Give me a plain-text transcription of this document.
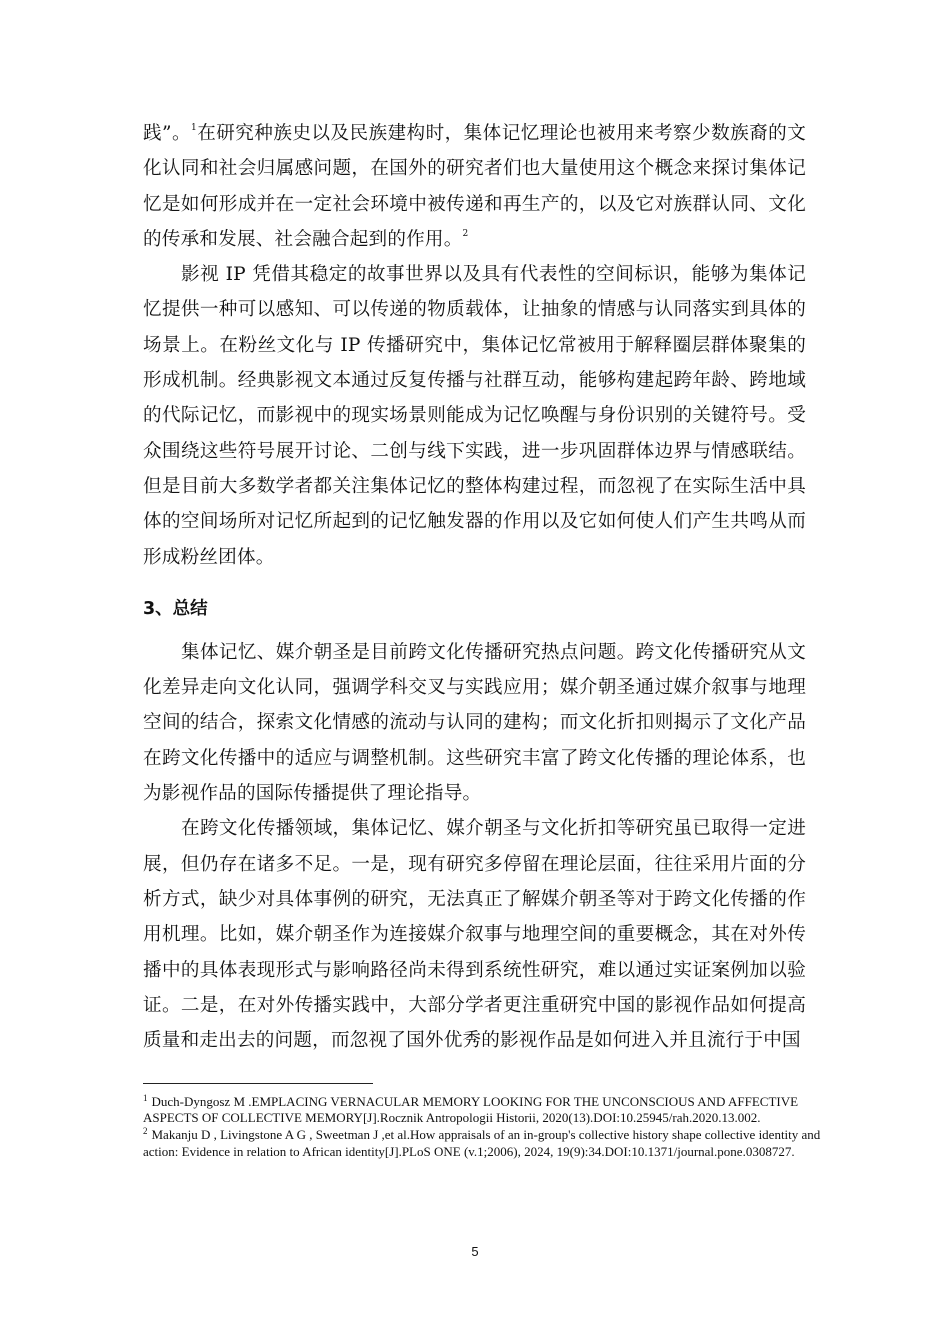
践”。$^1$在研究种族史以及民族建构时，集体记忆理论也被用来考察少数族裔的文化认同和社会归属感问题，在国外的研究者们也大量使用这个概念来探讨集体记忆是如何形成并在一定社会环境中被传递和再生产的，以及它对族群认同、文化的传承和发展、社会融合起到的作用。$^2$

影视 IP 凭借其稳定的故事世界以及具有代表性的空间标识，能够为集体记忆提供一种可以感知、可以传递的物质载体，让抽象的情感与认同落实到具体的场景上。在粉丝文化与 IP 传播研究中，集体记忆常被用于解释圈层群体聚集的形成机制。经典影视文本通过反复传播与社群互动，能够构建起跨年龄、跨地域的代际记忆，而影视中的现实场景则能成为记忆唤醒与身份识别的关键符号。受众围绕这些符号展开讨论、二创与线下实践，进一步巩固群体边界与情感联结。但是目前大多数学者都关注集体记忆的整体构建过程，而忽视了在实际生活中具体的空间场所对记忆所起到的记忆触发器的作用以及它如何使人们产生共鸣从而形成粉丝团体。

3、总结

集体记忆、媒介朝圣是目前跨文化传播研究热点问题。跨文化传播研究从文化差异走向文化认同，强调学科交叉与实践应用；媒介朝圣通过媒介叙事与地理空间的结合，探索文化情感的流动与认同的建构；而文化折扣则揭示了文化产品在跨文化传播中的适应与调整机制。这些研究丰富了跨文化传播的理论体系，也为影视作品的国际传播提供了理论指导。

在跨文化传播领域，集体记忆、媒介朝圣与文化折扣等研究虽已取得一定进展，但仍存在诸多不足。一是，现有研究多停留在理论层面，往往采用片面的分析方式，缺少对具体事例的研究，无法真正了解媒介朝圣等对于跨文化传播的作用机理。比如，媒介朝圣作为连接媒介叙事与地理空间的重要概念，其在对外传播中的具体表现形式与影响路径尚未得到系统性研究，难以通过实证案例加以验证。二是，在对外传播实践中，大部分学者更注重研究中国的影视作品如何提高质量和走出去的问题，而忽视了国外优秀的影视作品是如何进入并且流行于中国

$^1$ Duch-Dyngosz M .EMPLACING VERNACULAR MEMORY LOOKING FOR THE UNCONSCIOUS AND AFFECTIVE ASPECTS OF COLLECTIVE MEMORY[J].Rocznik Antropologii Historii, 2020(13).DOI:10.25945/rah.2020.13.002.

$^2$ Makanju D , Livingstone A G , Sweetman J ,et al.How appraisals of an in-group's collective history shape collective identity and action: Evidence in relation to African identity[J].PLoS ONE (v.1;2006), 2024, 19(9):34.DOI:10.1371/journal.pone.0308727.

5
